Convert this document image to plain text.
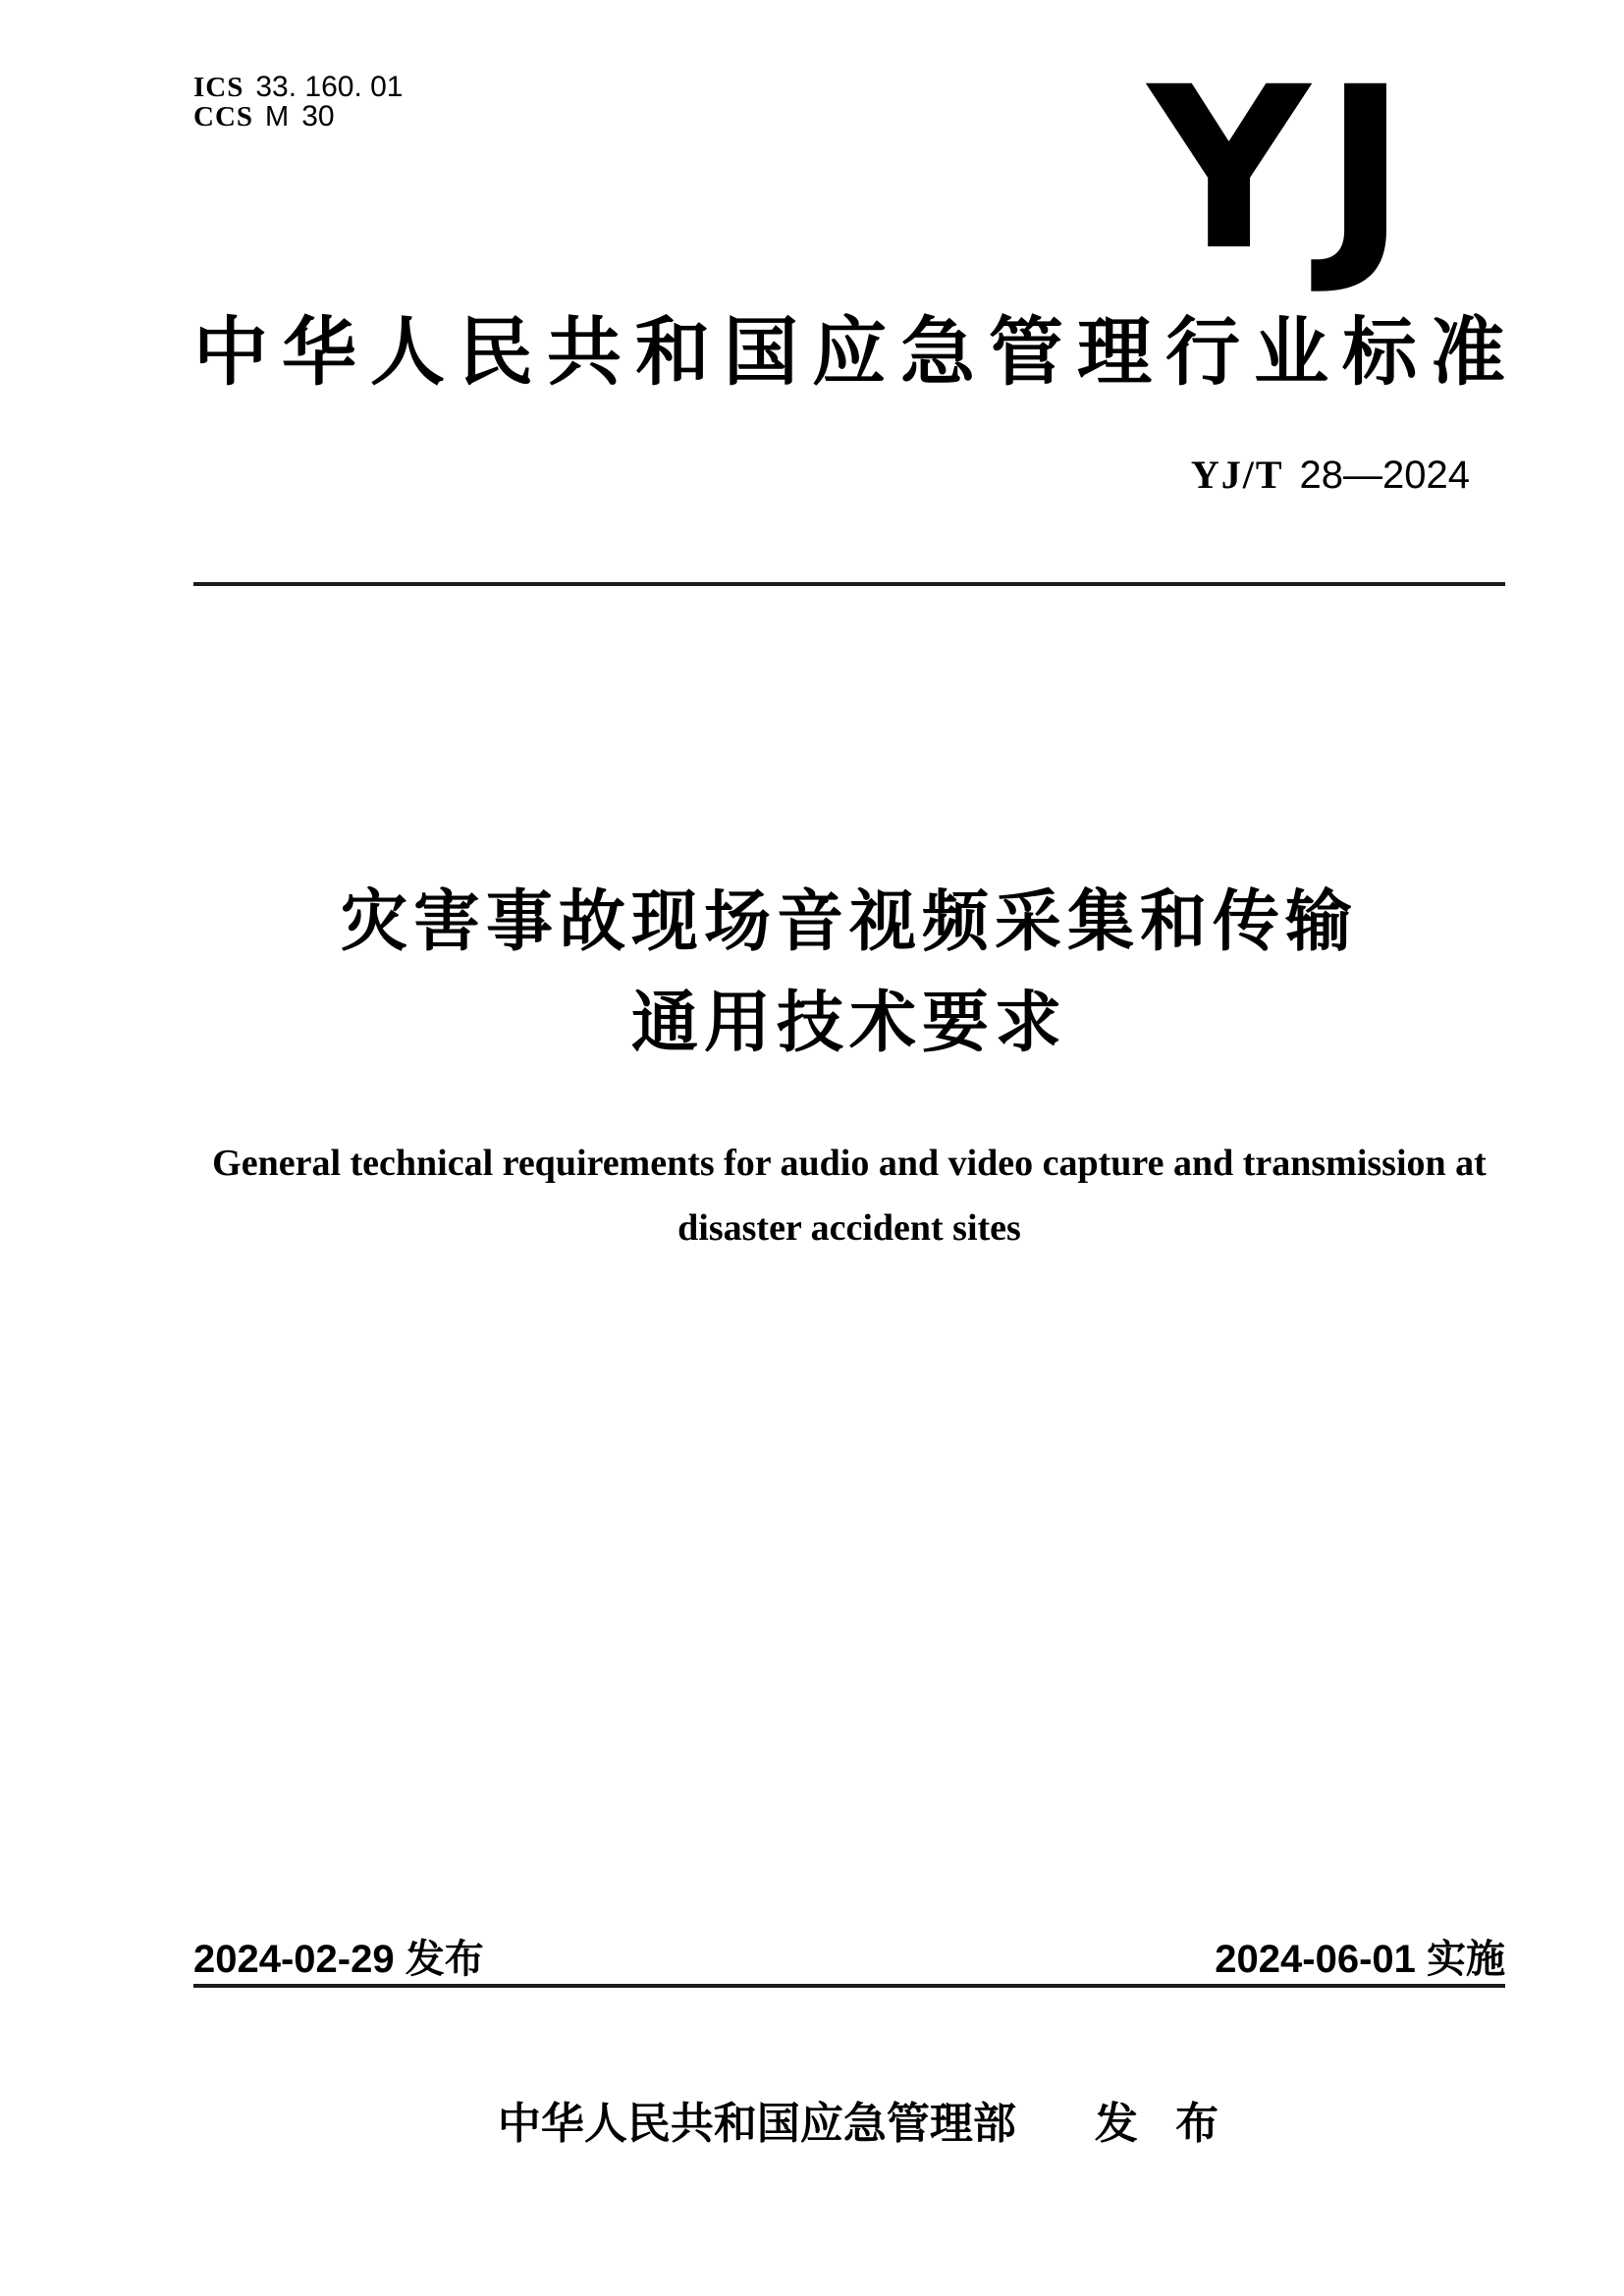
ICS 33. 160. 01
CCS M 30	YJ
中华人民共和国应急管理行业标准
YJ/T 28—2024
灾害事故现场音视频采集和传输
通用技术要求
General technical requirements for audio and video capture and transmission at
disaster accident sites
2024-02-29 发布	2024-06-01 实施
中华人民共和国应急管理部 发 布
